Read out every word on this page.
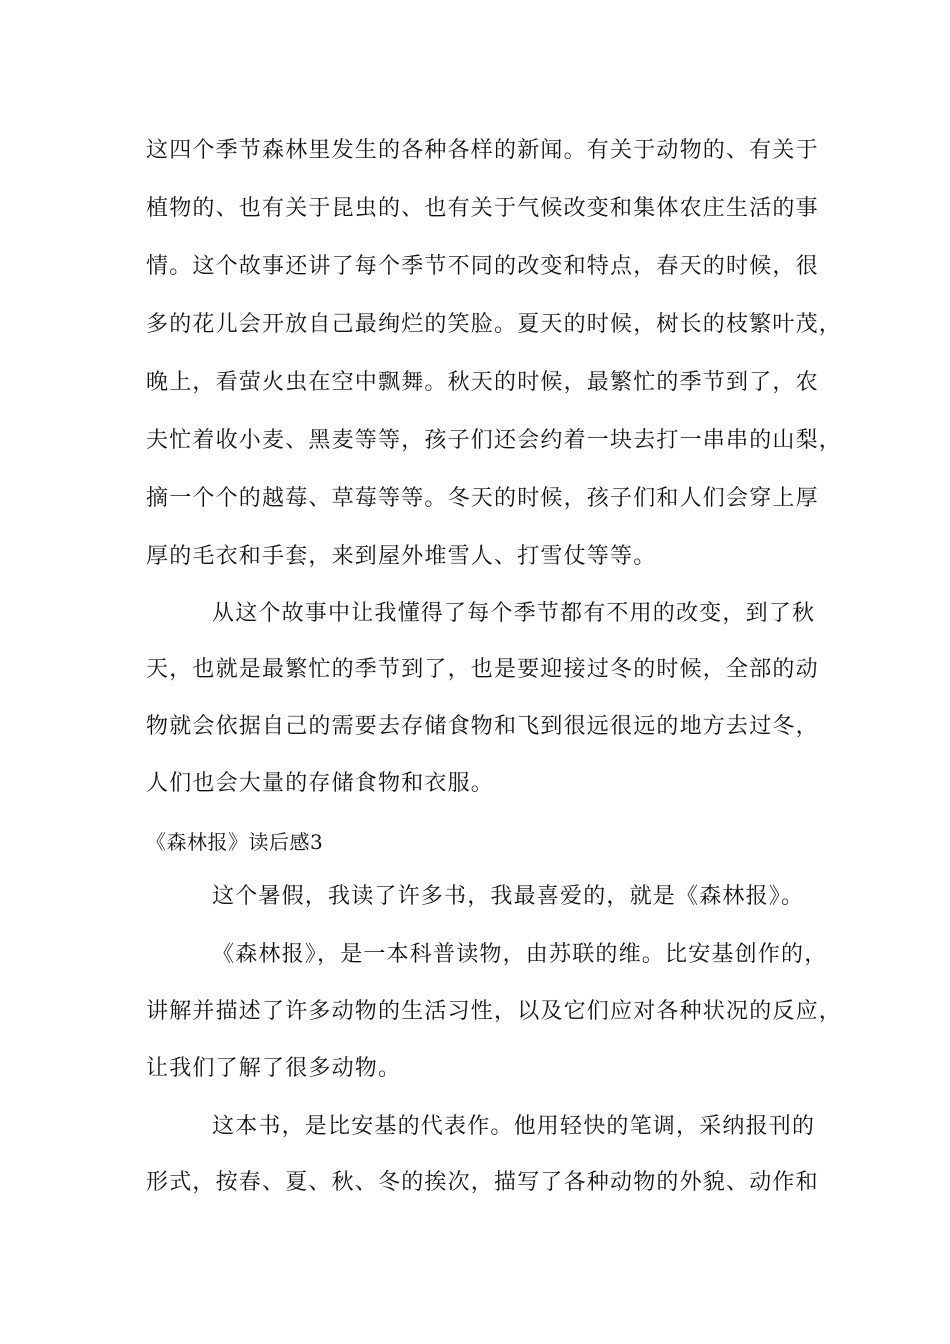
这四个季节森林里发生的各种各样的新闻。有关于动物的、有关于
植物的、也有关于昆虫的、也有关于气候改变和集体农庄生活的事
情。这个故事还讲了每个季节不同的改变和特点，春天的时候，很
多的花儿会开放自己最绚烂的笑脸。夏天的时候，树长的枝繁叶茂，
晚上，看萤火虫在空中飘舞。秋天的时候，最繁忙的季节到了，农
夫忙着收小麦、黑麦等等，孩子们还会约着一块去打一串串的山梨，
摘一个个的越莓、草莓等等。冬天的时候，孩子们和人们会穿上厚
厚的毛衣和手套，来到屋外堆雪人、打雪仗等等。
从这个故事中让我懂得了每个季节都有不用的改变，到了秋
天，也就是最繁忙的季节到了，也是要迎接过冬的时候，全部的动
物就会依据自己的需要去存储食物和飞到很远很远的地方去过冬，
人们也会大量的存储食物和衣服。
《森林报》读后感3
这个暑假，我读了许多书，我最喜爱的，就是《森林报》。
《森林报》，是一本科普读物，由苏联的维。比安基创作的，
讲解并描述了许多动物的生活习性，以及它们应对各种状况的反应，
让我们了解了很多动物。
这本书，是比安基的代表作。他用轻快的笔调，采纳报刊的
形式，按春、夏、秋、冬的挨次，描写了各种动物的外貌、动作和
